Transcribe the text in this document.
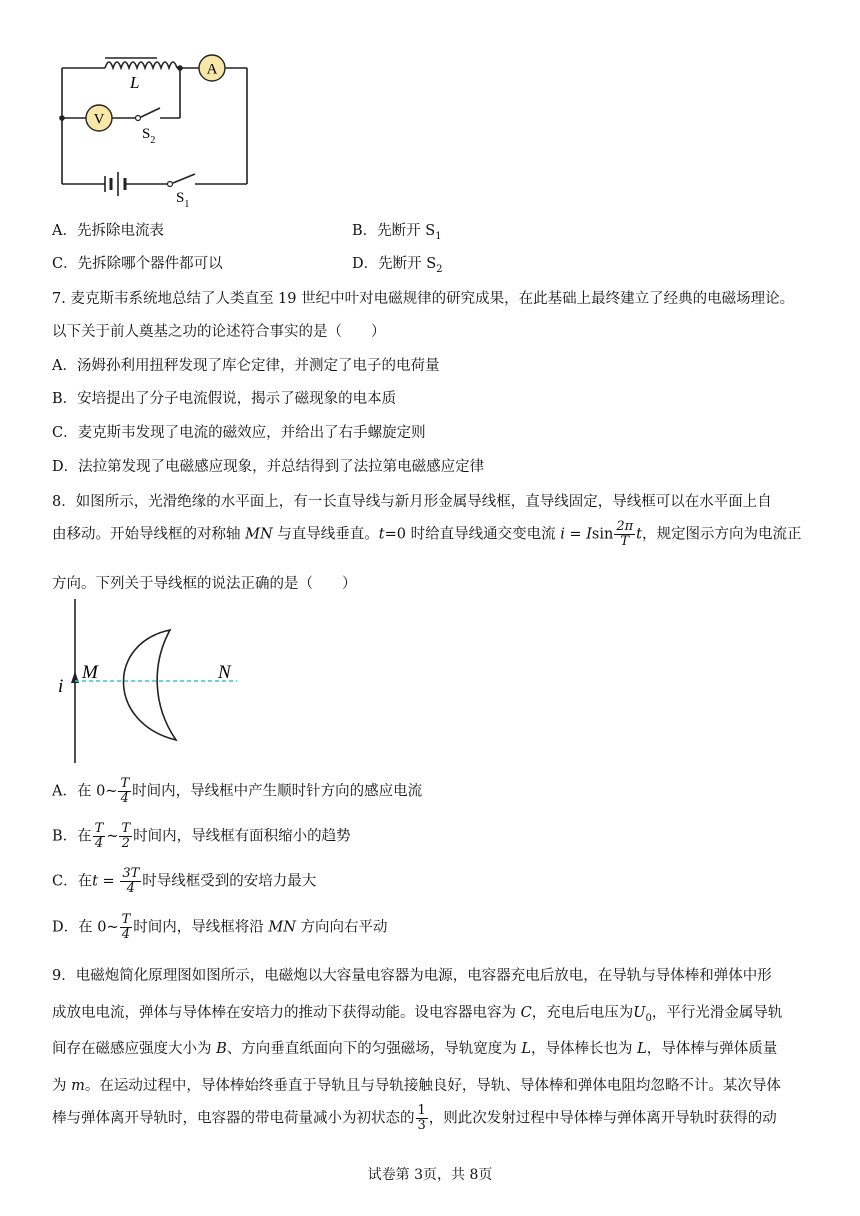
A
V
L
$S_2$
$S_1$
A．先拆除电流表	B．先断开 $S_1$
C．先拆除哪个器件都可以	D．先断开 $S_2$
7. 麦克斯韦系统地总结了人类直至 19 世纪中叶对电磁规律的研究成果，在此基础上最终建立了经典的电磁场理论。
以下关于前人奠基之功的论述符合事实的是（　　）
A．汤姆孙利用扭秤发现了库仑定律，并测定了电子的电荷量
B．安培提出了分子电流假说，揭示了磁现象的电本质
C．麦克斯韦发现了电流的磁效应，并给出了右手螺旋定则
D．法拉第发现了电磁感应现象，并总结得到了法拉第电磁感应定律
8．如图所示，光滑绝缘的水平面上，有一长直导线与新月形金属导线框，直导线固定，导线框可以在水平面上自
由移动。开始导线框的对称轴 MN 与直导线垂直。t=0 时给直导线通交变电流 i = Isin $\frac{2\pi}{T}$ t，规定图示方向为电流正
方向。下列关于导线框的说法正确的是（　　）
i
M	N
A．在 0~ $\frac{T}{4}$ 时间内，导线框中产生顺时针方向的感应电流
B．在 $\frac{T}{4}$ ~ $\frac{T}{2}$ 时间内，导线框有面积缩小的趋势
C．在$t = \frac{3T}{4}$ 时导线框受到的安培力最大
D．在 0~ $\frac{T}{4}$ 时间内，导线框将沿 MN 方向向右平动
9．电磁炮简化原理图如图所示，电磁炮以大容量电容器为电源，电容器充电后放电，在导轨与导体棒和弹体中形
成放电电流，弹体与导体棒在安培力的推动下获得动能。设电容器电容为 C，充电后电压为$U_0$，平行光滑金属导轨
间存在磁感应强度大小为 B、方向垂直纸面向下的匀强磁场，导轨宽度为 L，导体棒长也为 L，导体棒与弹体质量
为 m。在运动过程中，导体棒始终垂直于导轨且与导轨接触良好，导轨、导体棒和弹体电阻均忽略不计。某次导体
棒与弹体离开导轨时，电容器的带电荷量减小为初状态的 $\frac{1}{3}$ ，则此次发射过程中导体棒与弹体离开导轨时获得的动
试卷第 3页，共 8页
